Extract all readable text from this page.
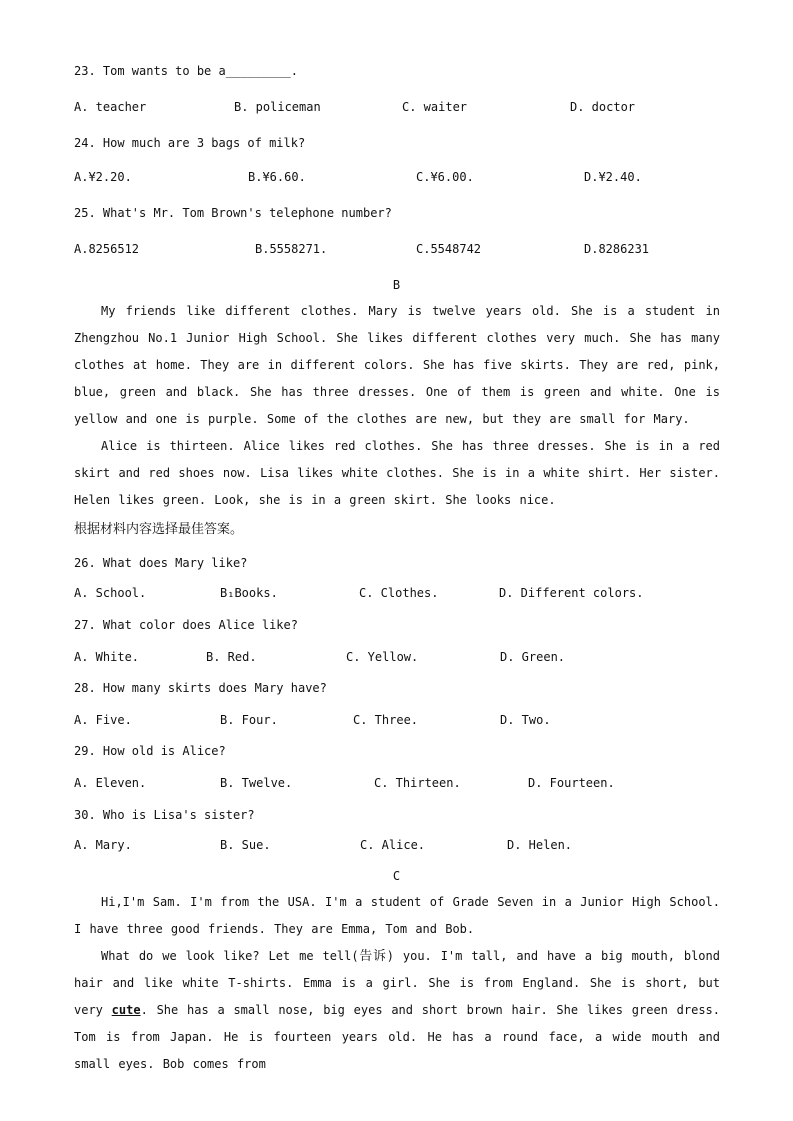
23. Tom wants to be a_________.
A. teacher	B. policeman	C. waiter	D. doctor
24. How much are 3 bags of milk?
A.¥2.20.	B.¥6.60.	C.¥6.00.	D.¥2.40.
25. What's Mr. Tom Brown's telephone number?
A.8256512	B.5558271.	C.5548742	D.8286231
B
My friends like different clothes. Mary is twelve years old. She is a student in Zhengzhou No.1 Junior High School. She likes different clothes very much. She has many clothes at home. They are in different colors. She has five skirts. They are red, pink, blue, green and black. She has three dresses. One of them is green and white. One is yellow and one is purple. Some of the clothes are new, but they are small for Mary.
Alice is thirteen. Alice likes red clothes. She has three dresses. She is in a red skirt and red shoes now. Lisa likes white clothes. She is in a white shirt. Her sister. Helen likes green. Look, she is in a green skirt. She looks nice.
根据材料内容选择最佳答案。
26. What does Mary like?
A. School.	B₁Books.	C. Clothes.	D. Different colors.
27. What color does Alice like?
A. White.	B. Red.	C. Yellow.	D. Green.
28. How many skirts does Mary have?
A. Five.	B. Four.	C. Three.	D. Two.
29. How old is Alice?
A. Eleven.	B. Twelve.	C. Thirteen.	D. Fourteen.
30. Who is Lisa's sister?
A. Mary.	B. Sue.	C. Alice.	D. Helen.
C
Hi,I'm Sam. I'm from the USA. I'm a student of Grade Seven in a Junior High School. I have three good friends. They are Emma, Tom and Bob.
What do we look like? Let me tell(告诉) you. I'm tall, and have a big mouth, blond hair and like white T-shirts. Emma is a girl. She is from England. She is short, but very cute. She has a small nose, big eyes and short brown hair. She likes green dress. Tom is from Japan. He is fourteen years old. He has a round face, a wide mouth and small eyes. Bob comes from
